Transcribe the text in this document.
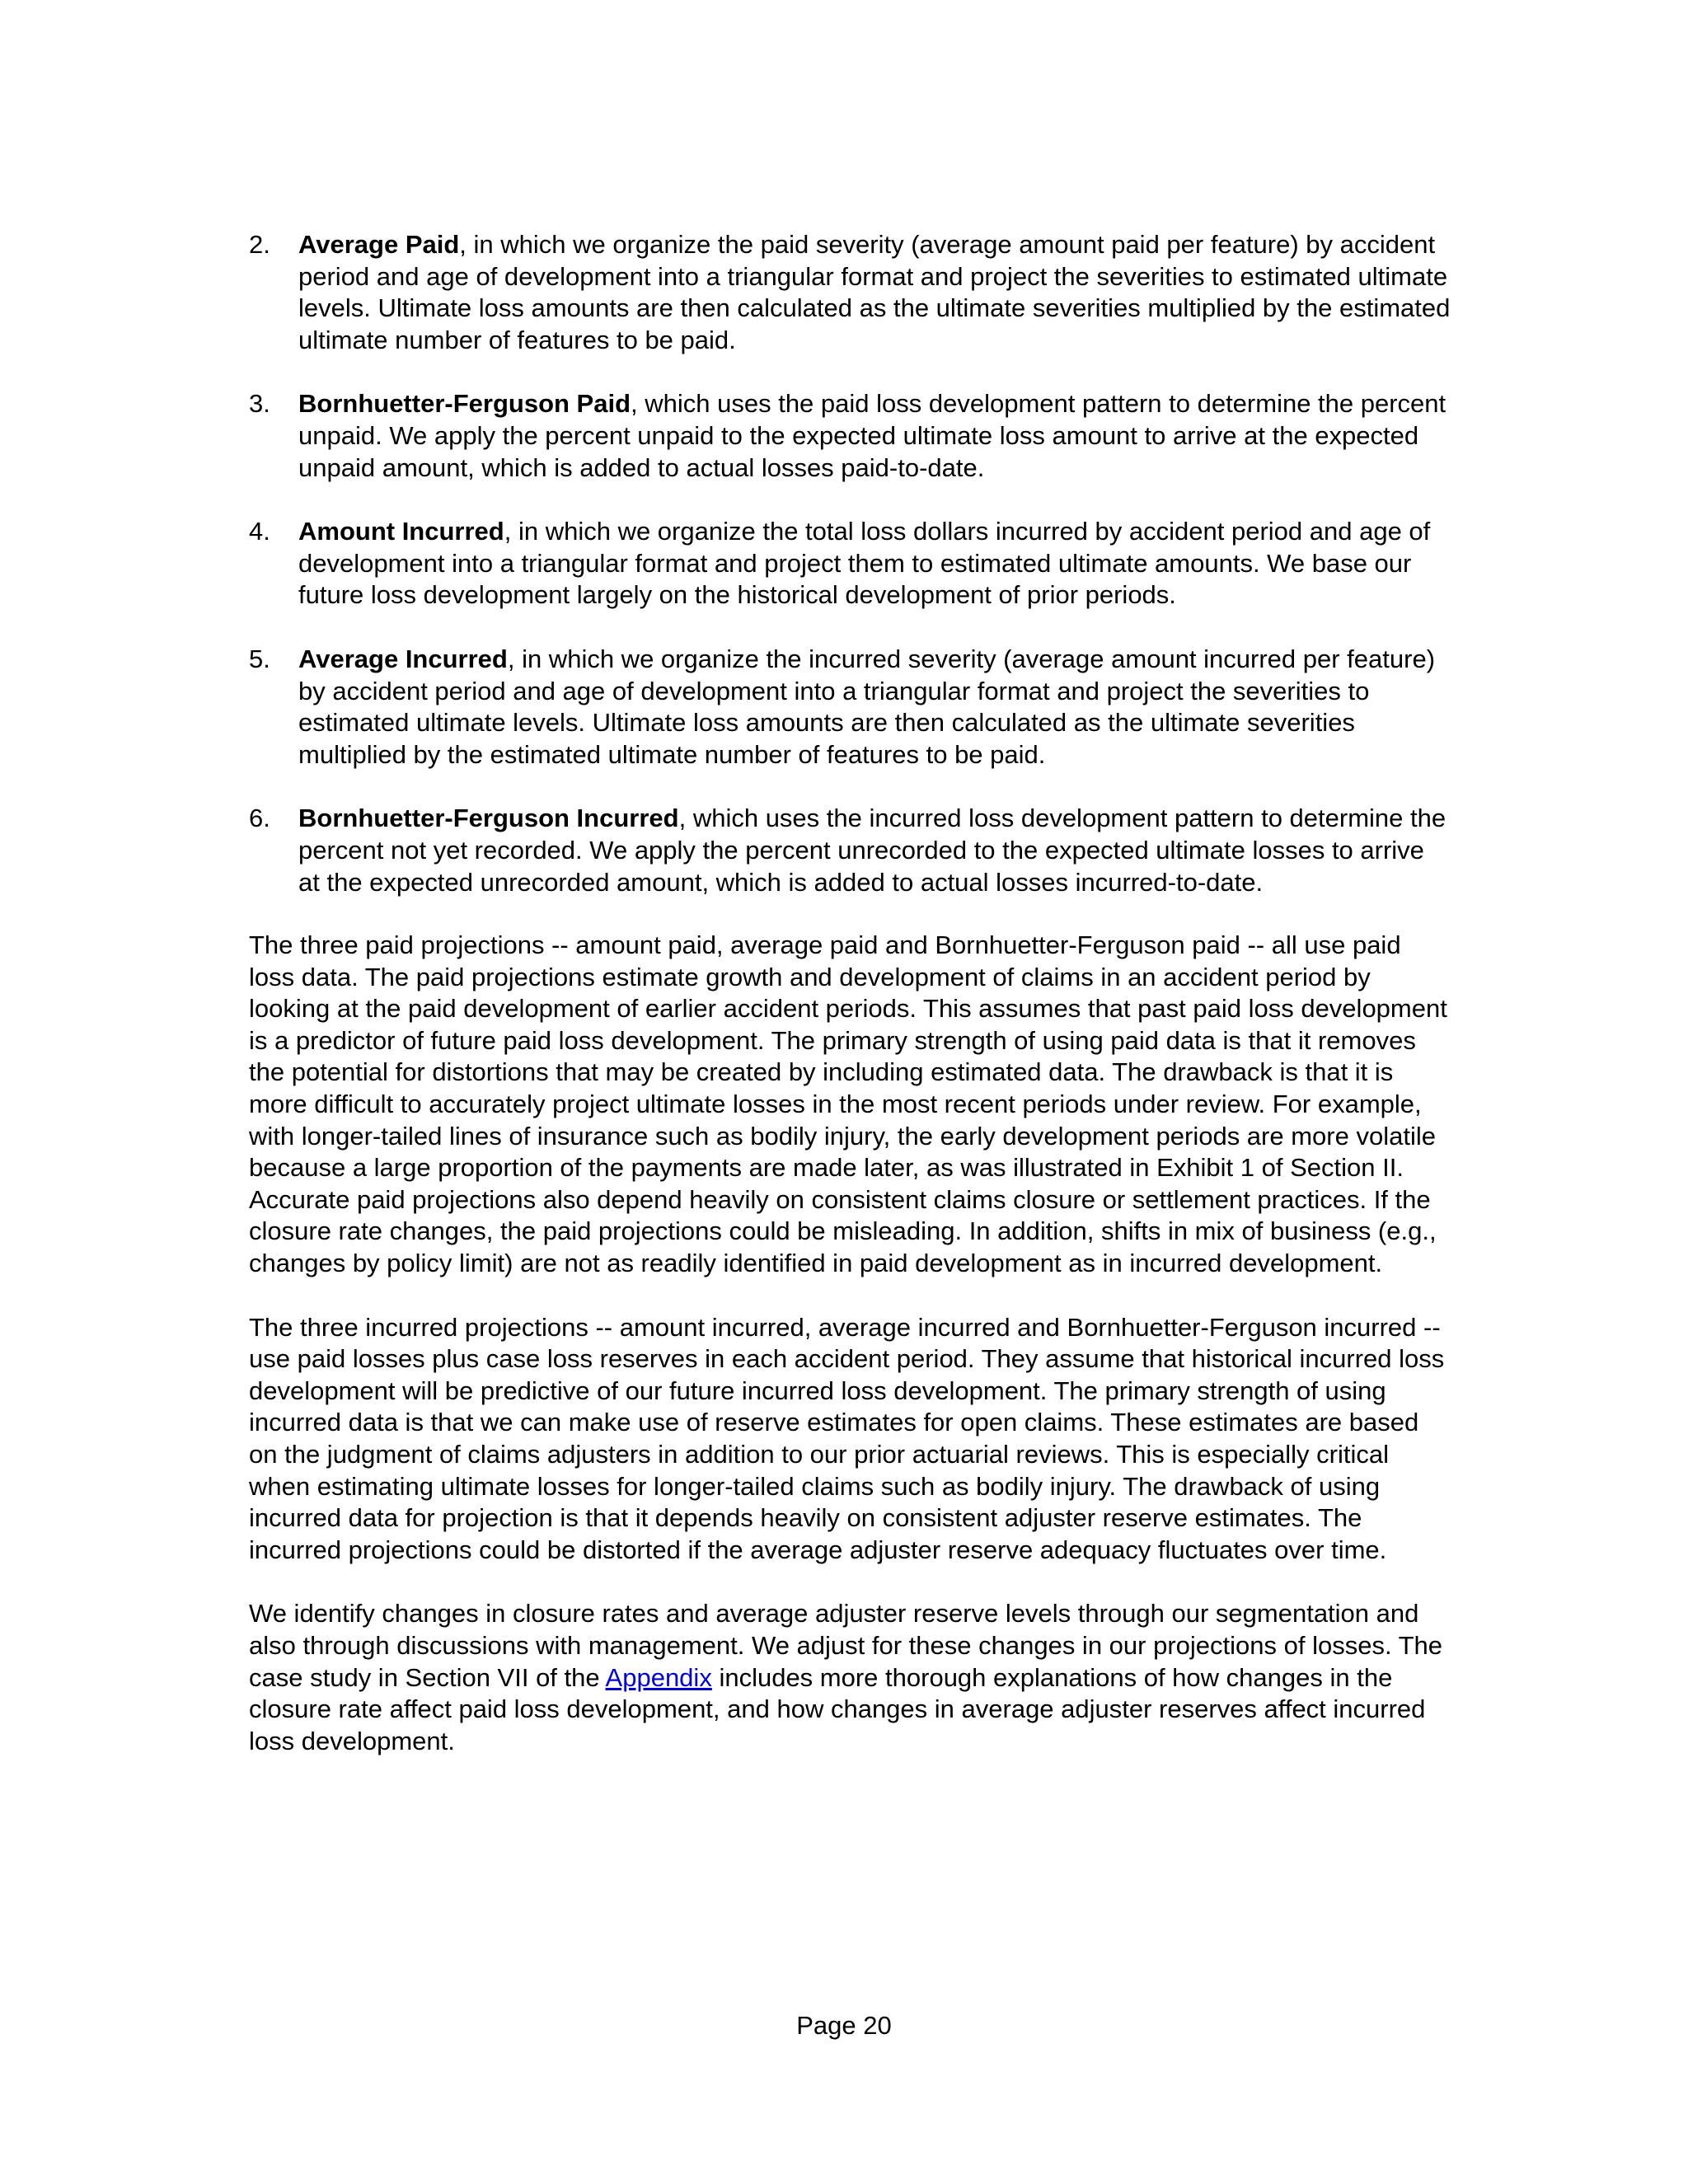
2. Average Paid, in which we organize the paid severity (average amount paid per feature) by accident period and age of development into a triangular format and project the severities to estimated ultimate levels. Ultimate loss amounts are then calculated as the ultimate severities multiplied by the estimated ultimate number of features to be paid.
3. Bornhuetter-Ferguson Paid, which uses the paid loss development pattern to determine the percent unpaid. We apply the percent unpaid to the expected ultimate loss amount to arrive at the expected unpaid amount, which is added to actual losses paid-to-date.
4. Amount Incurred, in which we organize the total loss dollars incurred by accident period and age of development into a triangular format and project them to estimated ultimate amounts. We base our future loss development largely on the historical development of prior periods.
5. Average Incurred, in which we organize the incurred severity (average amount incurred per feature) by accident period and age of development into a triangular format and project the severities to estimated ultimate levels. Ultimate loss amounts are then calculated as the ultimate severities multiplied by the estimated ultimate number of features to be paid.
6. Bornhuetter-Ferguson Incurred, which uses the incurred loss development pattern to determine the percent not yet recorded. We apply the percent unrecorded to the expected ultimate losses to arrive at the expected unrecorded amount, which is added to actual losses incurred-to-date.

The three paid projections -- amount paid, average paid and Bornhuetter-Ferguson paid -- all use paid loss data. The paid projections estimate growth and development of claims in an accident period by looking at the paid development of earlier accident periods. This assumes that past paid loss development is a predictor of future paid loss development. The primary strength of using paid data is that it removes the potential for distortions that may be created by including estimated data. The drawback is that it is more difficult to accurately project ultimate losses in the most recent periods under review. For example, with longer-tailed lines of insurance such as bodily injury, the early development periods are more volatile because a large proportion of the payments are made later, as was illustrated in Exhibit 1 of Section II. Accurate paid projections also depend heavily on consistent claims closure or settlement practices. If the closure rate changes, the paid projections could be misleading. In addition, shifts in mix of business (e.g., changes by policy limit) are not as readily identified in paid development as in incurred development.

The three incurred projections -- amount incurred, average incurred and Bornhuetter-Ferguson incurred -- use paid losses plus case loss reserves in each accident period. They assume that historical incurred loss development will be predictive of our future incurred loss development. The primary strength of using incurred data is that we can make use of reserve estimates for open claims. These estimates are based on the judgment of claims adjusters in addition to our prior actuarial reviews. This is especially critical when estimating ultimate losses for longer-tailed claims such as bodily injury. The drawback of using incurred data for projection is that it depends heavily on consistent adjuster reserve estimates. The incurred projections could be distorted if the average adjuster reserve adequacy fluctuates over time.

We identify changes in closure rates and average adjuster reserve levels through our segmentation and also through discussions with management. We adjust for these changes in our projections of losses. The case study in Section VII of the Appendix includes more thorough explanations of how changes in the closure rate affect paid loss development, and how changes in average adjuster reserves affect incurred loss development.

Page 20
